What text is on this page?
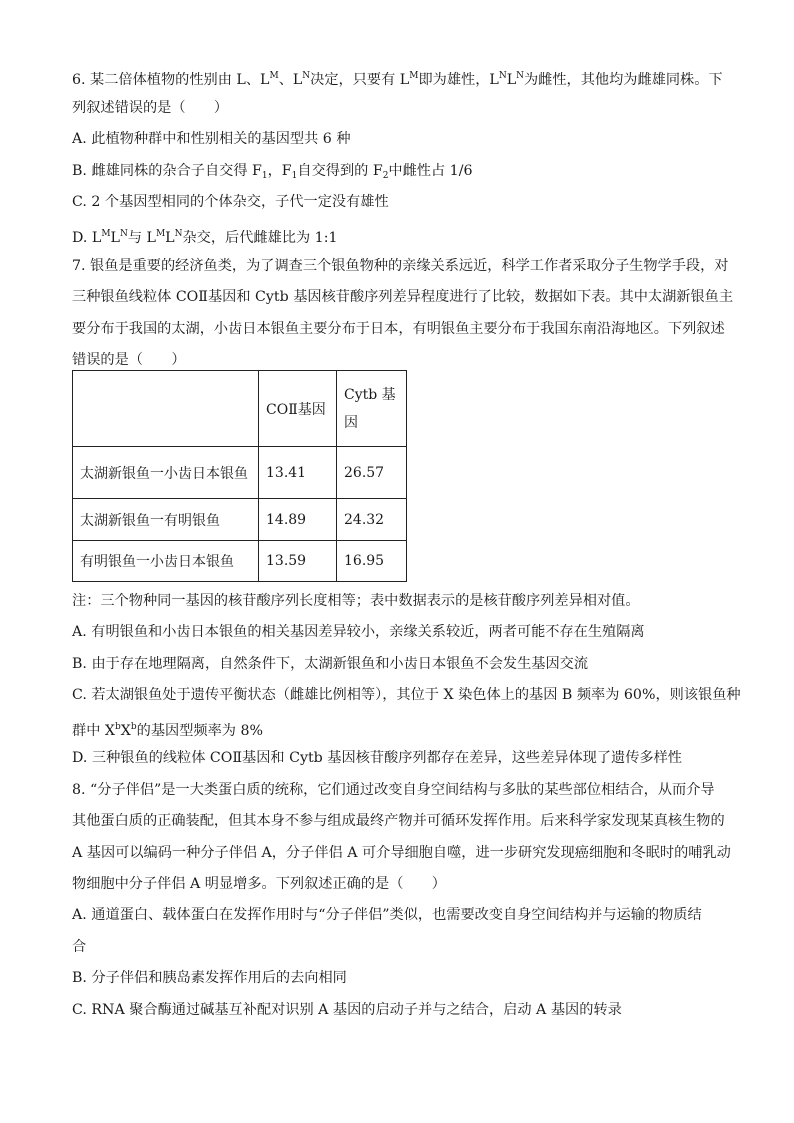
6. 某二倍体植物的性别由 L、$L^M$、$L^N$决定，只要有 $L^M$即为雄性，$L^NL^N$为雌性，其他均为雌雄同株。下
列叙述错误的是（　　）
A. 此植物种群中和性别相关的基因型共 6 种
B. 雌雄同株的杂合子自交得 $F_1$，$F_1$自交得到的 $F_2$中雌性占 1/6
C. 2 个基因型相同的个体杂交，子代一定没有雄性
D. $L^ML^N$与 $L^ML^N$杂交，后代雌雄比为 1:1
7. 银鱼是重要的经济鱼类，为了调查三个银鱼物种的亲缘关系远近，科学工作者采取分子生物学手段，对
三种银鱼线粒体 COⅡ基因和 Cytb 基因核苷酸序列差异程度进行了比较，数据如下表。其中太湖新银鱼主
要分布于我国的太湖，小齿日本银鱼主要分布于日本，有明银鱼主要分布于我国东南沿海地区。下列叙述
错误的是（　　）
	COⅡ基因	Cytb 基
因
太湖新银鱼一小齿日本银鱼	13.41	26.57
太湖新银鱼一有明银鱼	14.89	24.32
有明银鱼一小齿日本银鱼	13.59	16.95
注：三个物种同一基因的核苷酸序列长度相等；表中数据表示的是核苷酸序列差异相对值。
A. 有明银鱼和小齿日本银鱼的相关基因差异较小，亲缘关系较近，两者可能不存在生殖隔离
B. 由于存在地理隔离，自然条件下，太湖新银鱼和小齿日本银鱼不会发生基因交流
C. 若太湖银鱼处于遗传平衡状态（雌雄比例相等），其位于 X 染色体上的基因 B 频率为 60%，则该银鱼种
群中 $X^bX^b$的基因型频率为 8%
D. 三种银鱼的线粒体 COⅡ基因和 Cytb 基因核苷酸序列都存在差异，这些差异体现了遗传多样性
8. “分子伴侣”是一大类蛋白质的统称，它们通过改变自身空间结构与多肽的某些部位相结合，从而介导
其他蛋白质的正确装配，但其本身不参与组成最终产物并可循环发挥作用。后来科学家发现某真核生物的
A 基因可以编码一种分子伴侣 A，分子伴侣 A 可介导细胞自噬，进一步研究发现癌细胞和冬眠时的哺乳动
物细胞中分子伴侣 A 明显增多。下列叙述正确的是（　　）
A. 通道蛋白、载体蛋白在发挥作用时与“分子伴侣”类似，也需要改变自身空间结构并与运输的物质结
合
B. 分子伴侣和胰岛素发挥作用后的去向相同
C. RNA 聚合酶通过碱基互补配对识别 A 基因的启动子并与之结合，启动 A 基因的转录
